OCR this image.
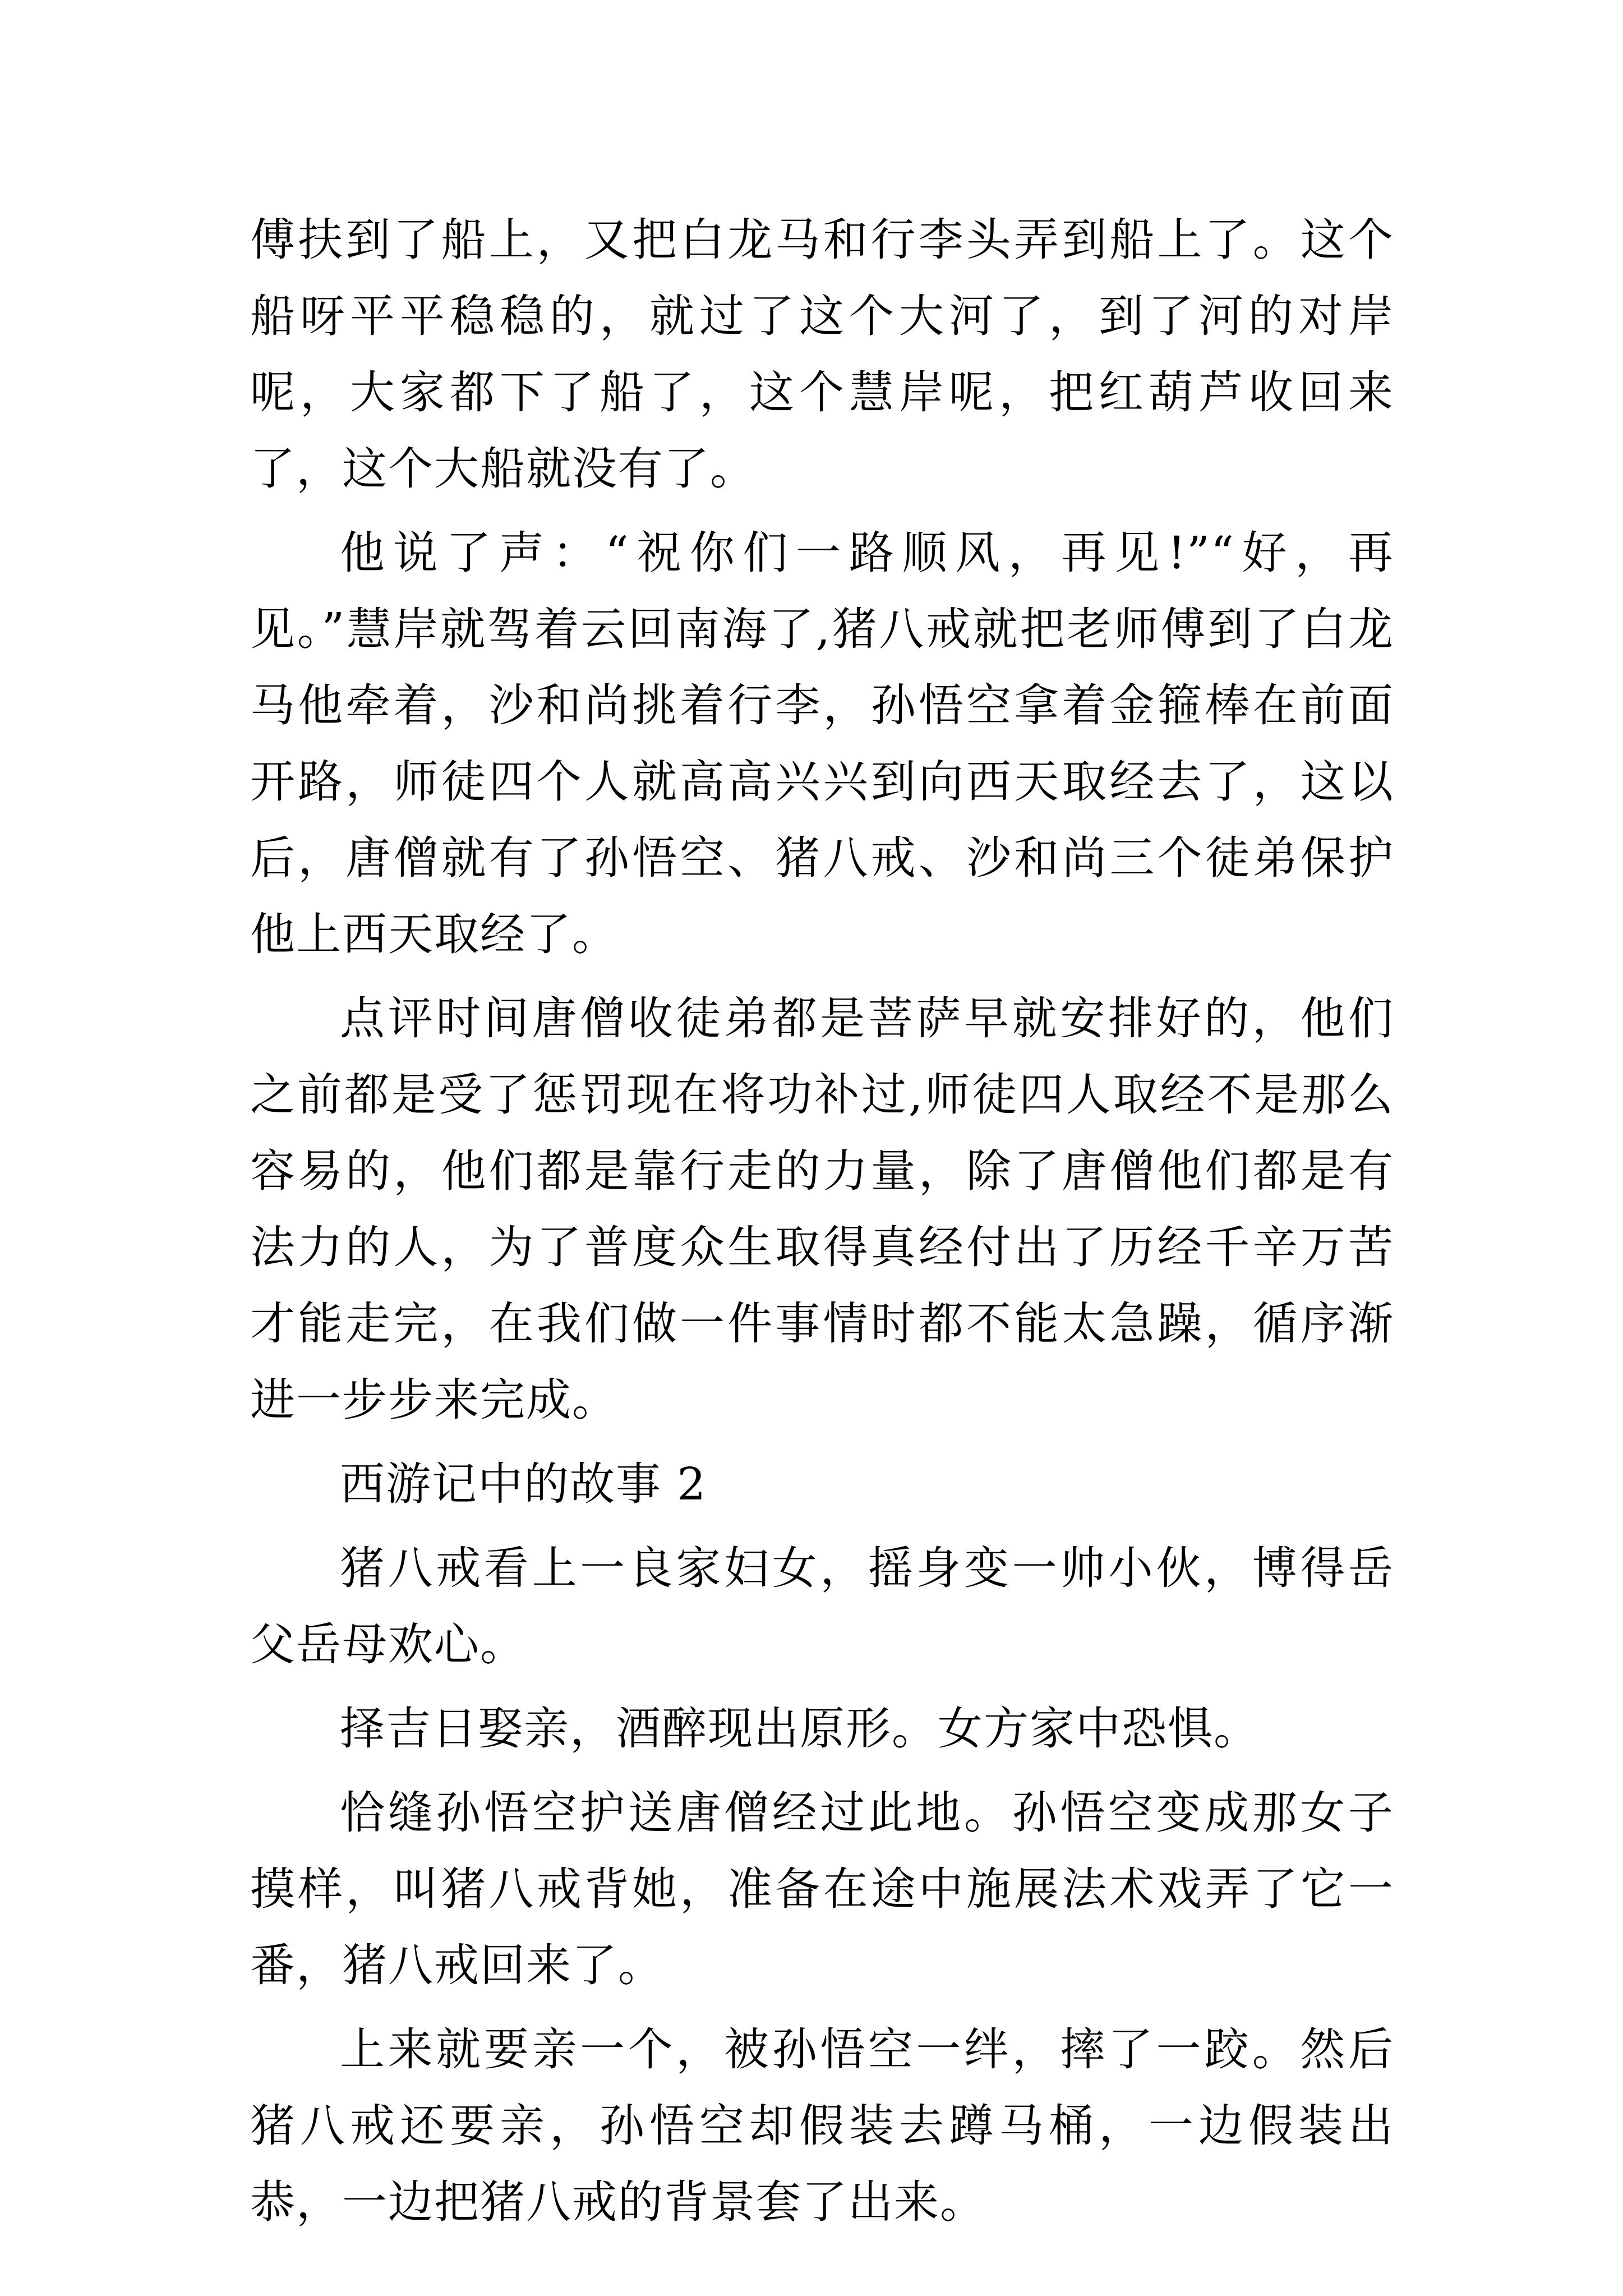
傅扶到了船上，又把白龙马和行李头弄到船上了。这个船呀平平稳稳的，就过了这个大河了，到了河的对岸呢，大家都下了船了，这个慧岸呢，把红葫芦收回来了，这个大船就没有了。

他说了声：“祝你们一路顺风，再见!”“好，再见。”慧岸就驾着云回南海了,猪八戒就把老师傅到了白龙马他牵着，沙和尚挑着行李，孙悟空拿着金箍棒在前面开路，师徒四个人就高高兴兴到向西天取经去了，这以后，唐僧就有了孙悟空、猪八戒、沙和尚三个徒弟保护他上西天取经了。

点评时间唐僧收徒弟都是菩萨早就安排好的，他们之前都是受了惩罚现在将功补过,师徒四人取经不是那么容易的，他们都是靠行走的力量，除了唐僧他们都是有法力的人，为了普度众生取得真经付出了历经千辛万苦才能走完，在我们做一件事情时都不能太急躁，循序渐进一步步来完成。

西游记中的故事 2

猪八戒看上一良家妇女，摇身变一帅小伙，博得岳父岳母欢心。

择吉日娶亲，酒醉现出原形。女方家中恐惧。

恰缝孙悟空护送唐僧经过此地。孙悟空变成那女子摸样，叫猪八戒背她，准备在途中施展法术戏弄了它一番，猪八戒回来了。

上来就要亲一个，被孙悟空一绊，摔了一跤。然后猪八戒还要亲，孙悟空却假装去蹲马桶，一边假装出恭，一边把猪八戒的背景套了出来。
